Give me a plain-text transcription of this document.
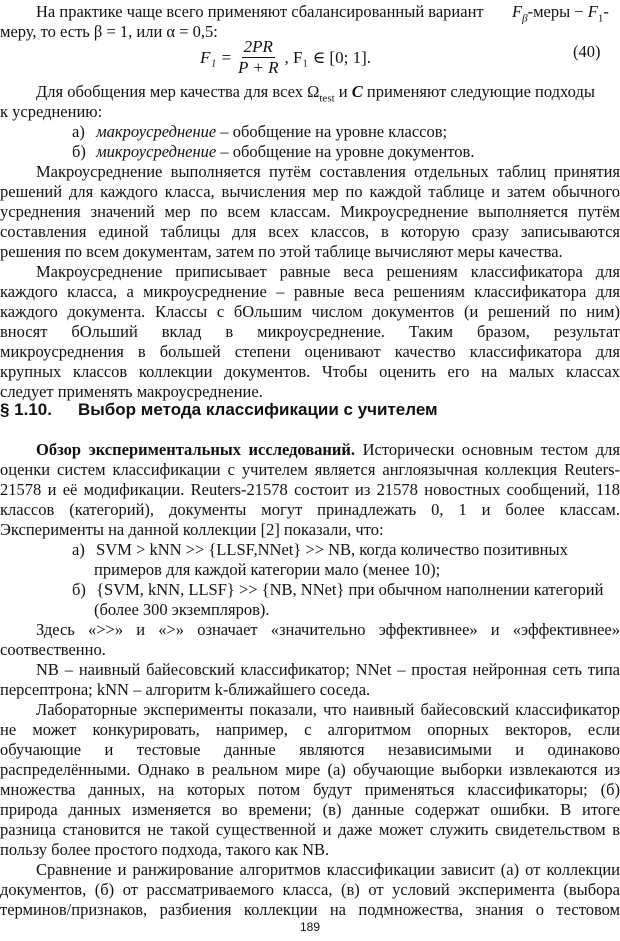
На практике чаще всего применяют сбалансированный вариант $F_\beta$-меры − $F_1-$

меру, то есть β = 1, или α = 0,5:

$F_1 = \frac{2PR}{P + R}$ , F₁ ∈ [0; 1].	(40)

Для обобщения мер качества для всех $\Omega_{test}$ и C применяют следующие подходы

к усреднению:

а) макроусреднение – обобщение на уровне классов;

б) микроусреднение – обобщение на уровне документов.

Макроусреднение выполняется путём составления отдельных таблиц принятия

решений для каждого класса, вычисления мер по каждой таблице и затем обычного

усреднения значений мер по всем классам. Микроусреднение выполняется путём

составления единой таблицы для всех классов, в которую сразу записываются

решения по всем документам, затем по этой таблице вычисляют меры качества.

Макроусреднение приписывает равные веса решениям классификатора для

каждого класса, а микроусреднение – равные веса решениям классификатора для

каждого документа. Классы с бОльшим числом документов (и решений по ним)

вносят бОльший вклад в микроусреднение. Таким бразом, результат

микроусреднения в большей степени оценивают качество классификатора для

крупных классов коллекции документов. Чтобы оценить его на малых классах

следует применять макроусреднение.

§ 1.10. Выбор метода классификации с учителем

Обзор экспериментальных исследований. Исторически основным тестом для

оценки систем классификации с учителем является англоязычная коллекция Reuters-

21578 и её модификации. Reuters-21578 состоит из 21578 новостных сообщений, 118

классов (категорий), документы могут принадлежать 0, 1 и более классам.

Эксперименты на данной коллекции [2] показали, что:

а) SVM > kNN >> {LLSF,NNet} >> NB, когда количество позитивных

примеров для каждой категории мало (менее 10);

б) {SVM, kNN, LLSF} >> {NB, NNet} при обычном наполнении категорий

(более 300 экземпляров).

Здесь «>>» и «>» означает «значительно эффективнее» и «эффективнее»

соотвественно.

NB – наивный байесовский классификатор; NNet – простая нейронная сеть типа

персептрона; kNN – алгоритм k-ближайшего соседа.

Лабораторные эксперименты показали, что наивный байесовский классификатор

не может конкурировать, например, с алгоритмом опорных векторов, если

обучающие и тестовые данные являются независимыми и одинаково

распределёнными. Однако в реальном мире (а) обучающие выборки извлекаются из

множества данных, на которых потом будут применяться классификаторы; (б)

природа данных изменяется во времени; (в) данные содержат ошибки. В итоге

разница становится не такой существенной и даже может служить свидетельством в

пользу более простого подхода, такого как NB.

Сравнение и ранжирование алгоритмов классификации зависит (а) от коллекции

документов, (б) от рассматриваемого класса, (в) от условий эксперимента (выбора

терминов/признаков, разбиения коллекции на подмножества, знания о тестовом

189
